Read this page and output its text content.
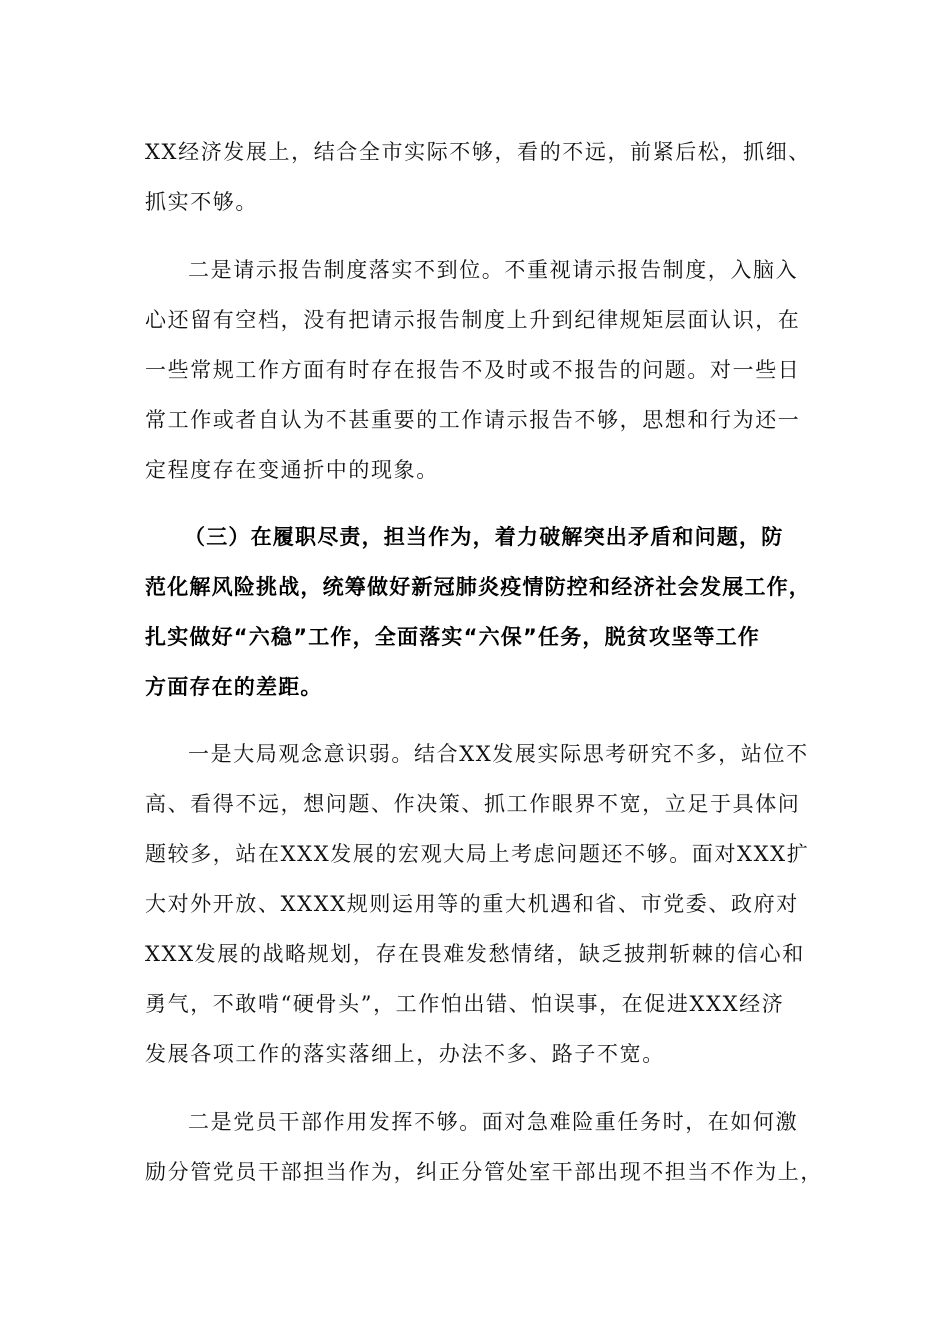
XX经济发展上，结合全市实际不够，看的不远，前紧后松，抓细、
抓实不够。
二是请示报告制度落实不到位。不重视请示报告制度，入脑入
心还留有空档，没有把请示报告制度上升到纪律规矩层面认识，在
一些常规工作方面有时存在报告不及时或不报告的问题。对一些日
常工作或者自认为不甚重要的工作请示报告不够，思想和行为还一
定程度存在变通折中的现象。
（三）在履职尽责，担当作为，着力破解突出矛盾和问题，防
范化解风险挑战，统筹做好新冠肺炎疫情防控和经济社会发展工作，
扎实做好“六稳”工作，全面落实“六保”任务，脱贫攻坚等工作
方面存在的差距。
一是大局观念意识弱。结合XX发展实际思考研究不多，站位不
高、看得不远，想问题、作决策、抓工作眼界不宽，立足于具体问
题较多，站在XXX发展的宏观大局上考虑问题还不够。面对XXX扩
大对外开放、XXXX规则运用等的重大机遇和省、市党委、政府对
XXX发展的战略规划，存在畏难发愁情绪，缺乏披荆斩棘的信心和
勇气，不敢啃“硬骨头”，工作怕出错、怕误事，在促进XXX经济
发展各项工作的落实落细上，办法不多、路子不宽。
二是党员干部作用发挥不够。面对急难险重任务时，在如何激
励分管党员干部担当作为，纠正分管处室干部出现不担当不作为上，
